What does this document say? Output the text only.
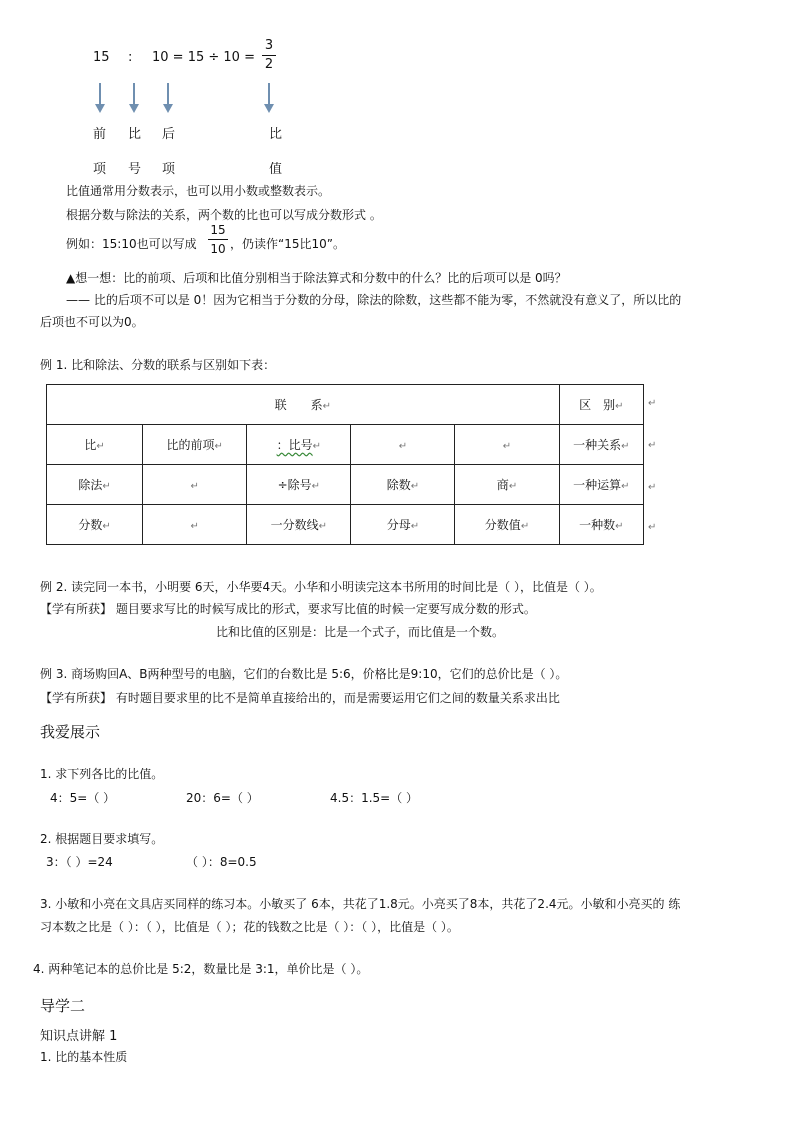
15 : 10 = 15 ÷ 10 =
3
2
前 比 后	比
项 号 项	值
比值通常用分数表示，也可以用小数或整数表示。
根据分数与除法的关系，两个数的比也可以写成分数形式 。
例如：15:10也可以写成
15
10 ，仍读作“15比10”。
▲想一想：比的前项、后项和比值分别相当于除法算式和分数中的什么？比的后项可以是 0吗？
—— 比的后项不可以是 0！因为它相当于分数的分母，除法的除数，这些都不能为零，不然就没有意义了，所以比的
后项也不可以为0。
例 1. 比和除法、分数的联系与区别如下表：
联　　系↵					区　别↵
比↵	比的前项↵	：比号↵	↵	↵	一种关系↵
除法↵	↵	÷除号↵	除数↵	商↵	一种运算↵
分数↵	↵	一分数线↵	分母↵	分数值↵	一种数↵
↵
↵
↵
↵
例 2. 读完同一本书，小明要 6天，小华要4天。小华和小明读完这本书所用的时间比是（ ），比值是（ ）。
【学有所获】 题目要求写比的时候写成比的形式，要求写比值的时候一定要写成分数的形式。
比和比值的区别是：比是一个式子，而比值是一个数。
例 3. 商场购回A、B两种型号的电脑，它们的台数比是 5:6，价格比是9:10，它们的总价比是（ ）。
【学有所获】 有时题目要求里的比不是简单直接给出的，而是需要运用它们之间的数量关系求出比
我爱展示
1. 求下列各比的比值。
4：5=（ ）	20：6=（ ）	4.5：1.5=（ ）
2. 根据题目要求填写。
3：（ ）=24	（ ）：8=0.5
3. 小敏和小亮在文具店买同样的练习本。小敏买了 6本，共花了1.8元。小亮买了8本，共花了2.4元。小敏和小亮买的 练
习本数之比是（ ）：（ ），比值是（ ）；花的钱数之比是（ ）：（ ），比值是（ ）。
4. 两种笔记本的总价比是 5:2，数量比是 3:1，单价比是（ ）。
导学二
知识点讲解 1
1. 比的基本性质
